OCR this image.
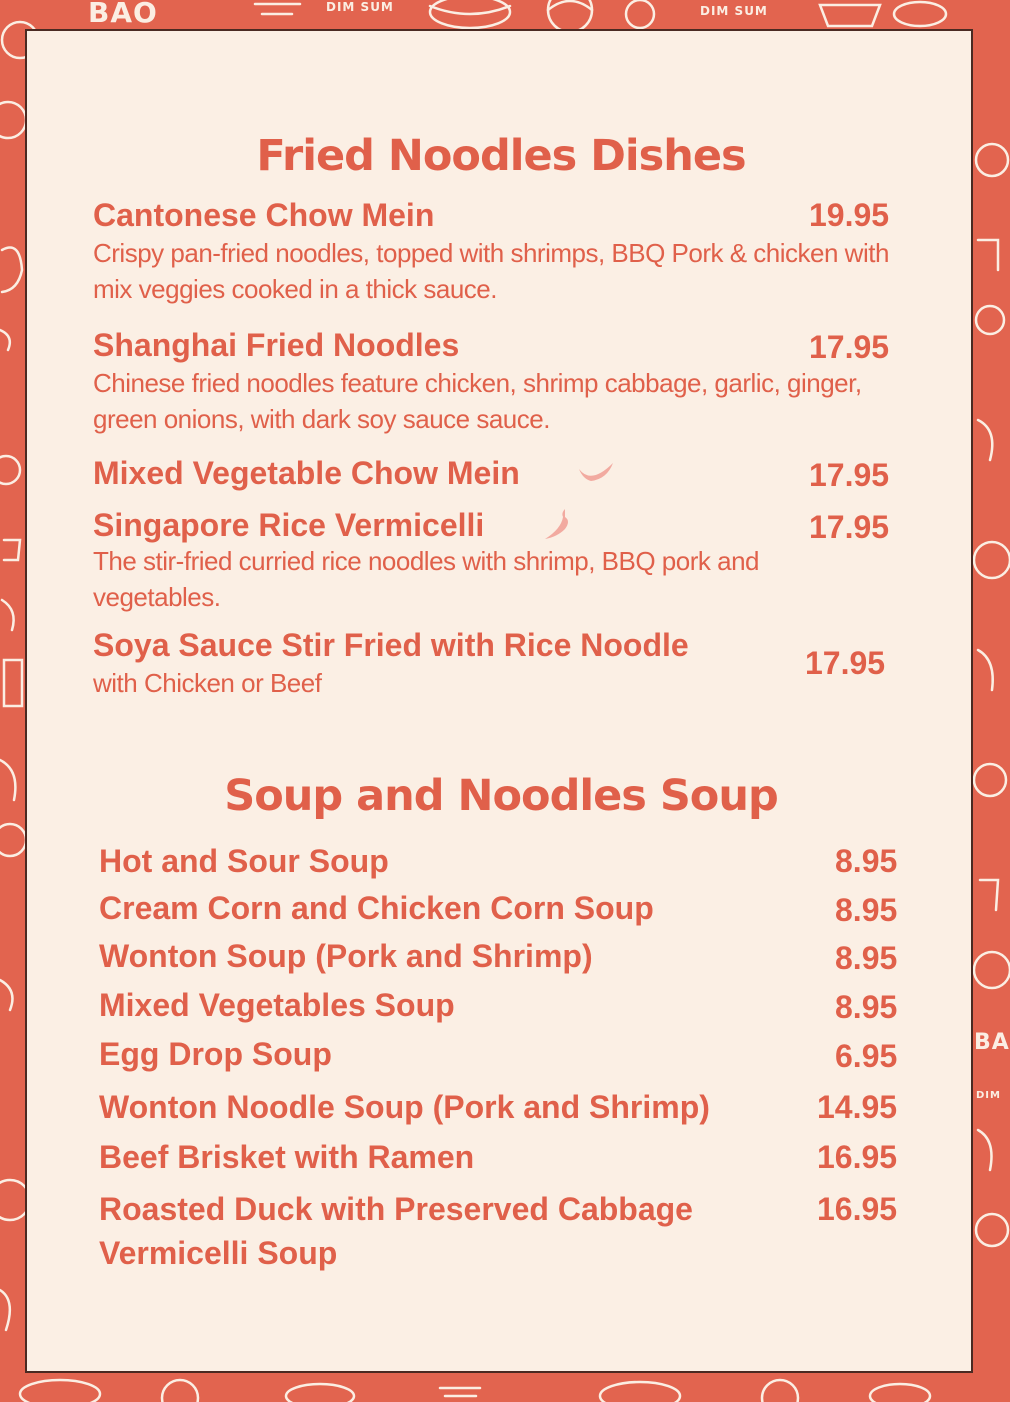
BAO	DIM SUM	DIM SUM
BA
DIM
Fried Noodles Dishes
Cantonese Chow Mein	19.95
Crispy pan-fried noodles, topped with shrimps, BBQ Pork & chicken with mix veggies cooked in a thick sauce.
Shanghai Fried Noodles	17.95
Chinese fried noodles feature chicken, shrimp cabbage, garlic, ginger, green onions, with dark soy sauce sauce.
Mixed Vegetable Chow Mein	17.95
Singapore Rice Vermicelli	17.95
The stir-fried curried rice noodles with shrimp, BBQ pork and vegetables.
Soya Sauce Stir Fried with Rice Noodle	17.95
with Chicken or Beef
Soup and Noodles Soup
Hot and Sour Soup	8.95
Cream Corn and Chicken Corn Soup	8.95
Wonton Soup (Pork and Shrimp)	8.95
Mixed Vegetables Soup	8.95
Egg Drop Soup	6.95
Wonton Noodle Soup (Pork and Shrimp)	14.95
Beef Brisket with Ramen	16.95
Roasted Duck with Preserved Cabbage
Vermicelli Soup
16.95
